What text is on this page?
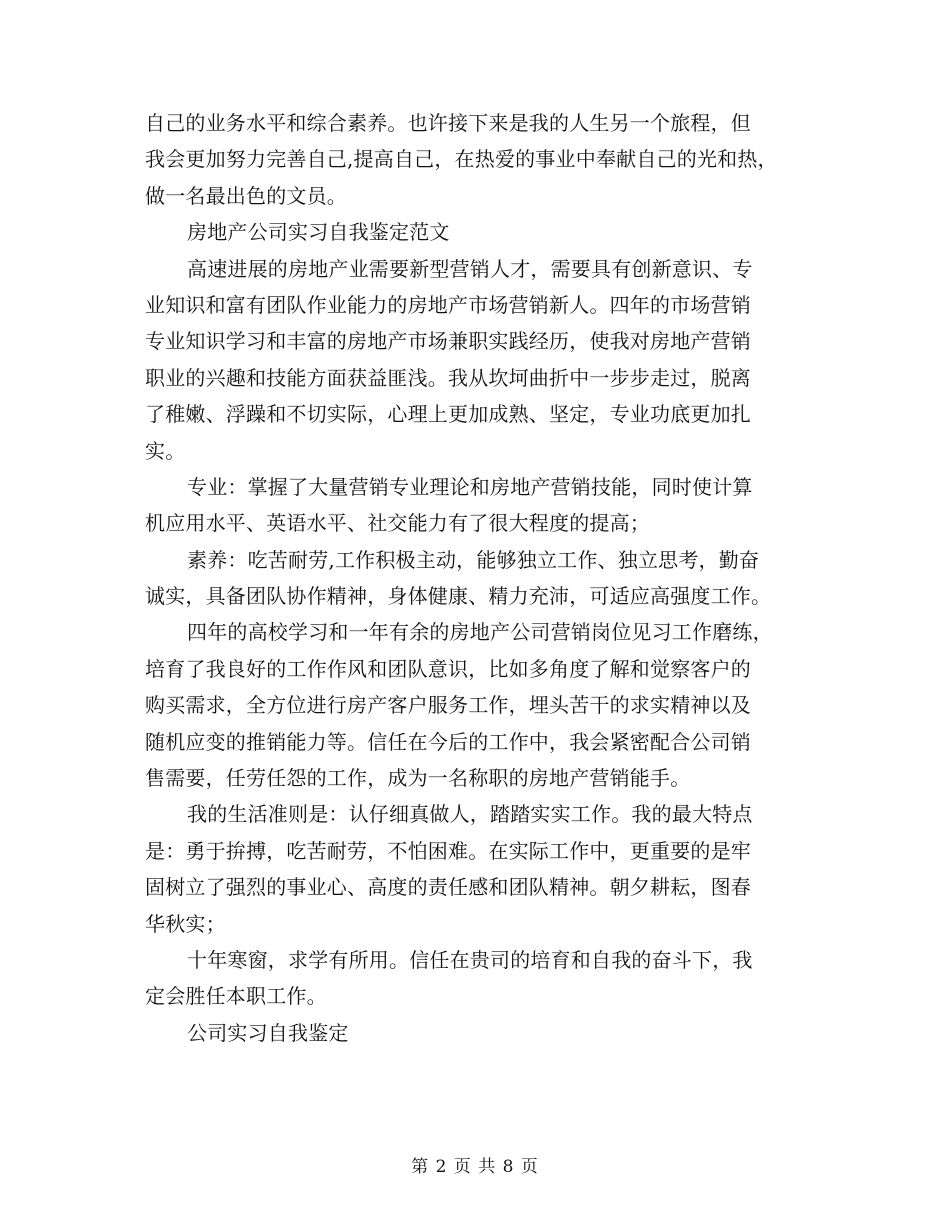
自己的业务水平和综合素养。也许接下来是我的人生另一个旅程，但
我会更加努力完善自己,提高自己，在热爱的事业中奉献自己的光和热，
做一名最出色的文员。
房地产公司实习自我鉴定范文
高速进展的房地产业需要新型营销人才，需要具有创新意识、专
业知识和富有团队作业能力的房地产市场营销新人。四年的市场营销
专业知识学习和丰富的房地产市场兼职实践经历，使我对房地产营销
职业的兴趣和技能方面获益匪浅。我从坎坷曲折中一步步走过，脱离
了稚嫩、浮躁和不切实际，心理上更加成熟、坚定，专业功底更加扎
实。
专业：掌握了大量营销专业理论和房地产营销技能，同时使计算
机应用水平、英语水平、社交能力有了很大程度的提高；
素养：吃苦耐劳,工作积极主动，能够独立工作、独立思考，勤奋
诚实，具备团队协作精神，身体健康、精力充沛，可适应高强度工作。
四年的高校学习和一年有余的房地产公司营销岗位见习工作磨练，
培育了我良好的工作作风和团队意识，比如多角度了解和觉察客户的
购买需求，全方位进行房产客户服务工作，埋头苦干的求实精神以及
随机应变的推销能力等。信任在今后的工作中，我会紧密配合公司销
售需要，任劳任怨的工作，成为一名称职的房地产营销能手。
我的生活准则是：认仔细真做人，踏踏实实工作。我的最大特点
是：勇于拚搏，吃苦耐劳，不怕困难。在实际工作中，更重要的是牢
固树立了强烈的事业心、高度的责任感和团队精神。朝夕耕耘，图春
华秋实；
十年寒窗，求学有所用。信任在贵司的培育和自我的奋斗下，我
定会胜任本职工作。
公司实习自我鉴定
第 2 页 共 8 页
